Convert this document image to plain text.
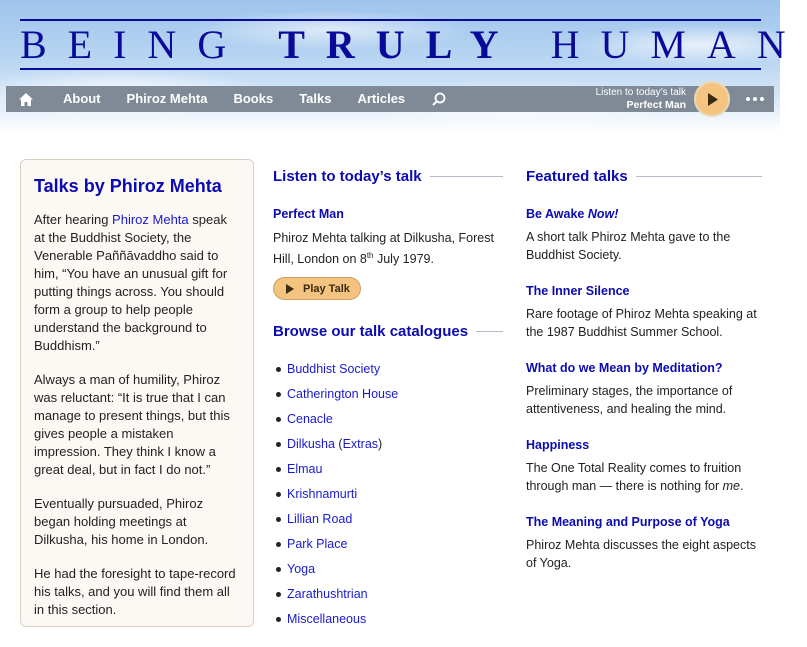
BEING TRULY HUMAN
About	Phiroz Mehta	Books	Talks	Articles	Listen to today’s talk
Perfect Man
Talks by Phiroz Mehta

After hearing Phiroz Mehta speak at the Buddhist Society, the Venerable Paññāvaddho said to him, “You have an unusual gift for putting things across. You should form a group to help people understand the background to Buddhism.”

Always a man of humility, Phiroz was reluctant: “It is true that I can manage to present things, but this gives people a mistaken impression. They think I know a great deal, but in fact I do not.”

Eventually pursuaded, Phiroz began holding meetings at Dilkusha, his home in London.

He had the foresight to tape-record his talks, and you will find them all in this section.

Listen to today’s talk
Perfect Man
Phiroz Mehta talking at Dilkusha, Forest Hill, London on 8th July 1979.
Play Talk
Browse our talk catalogues
Buddhist Society
Catherington House
Cenacle
Dilkusha (Extras)
Elmau
Krishnamurti
Lillian Road
Park Place
Yoga
Zarathushtrian
Miscellaneous
Featured talks
Be Awake Now!
A short talk Phiroz Mehta gave to the Buddhist Society.
The Inner Silence
Rare footage of Phiroz Mehta speaking at the 1987 Buddhist Summer School.
What do we Mean by Meditation?
Preliminary stages, the importance of attentiveness, and healing the mind.
Happiness
The One Total Reality comes to fruition through man — there is nothing for me.
The Meaning and Purpose of Yoga
Phiroz Mehta discusses the eight aspects of Yoga.
